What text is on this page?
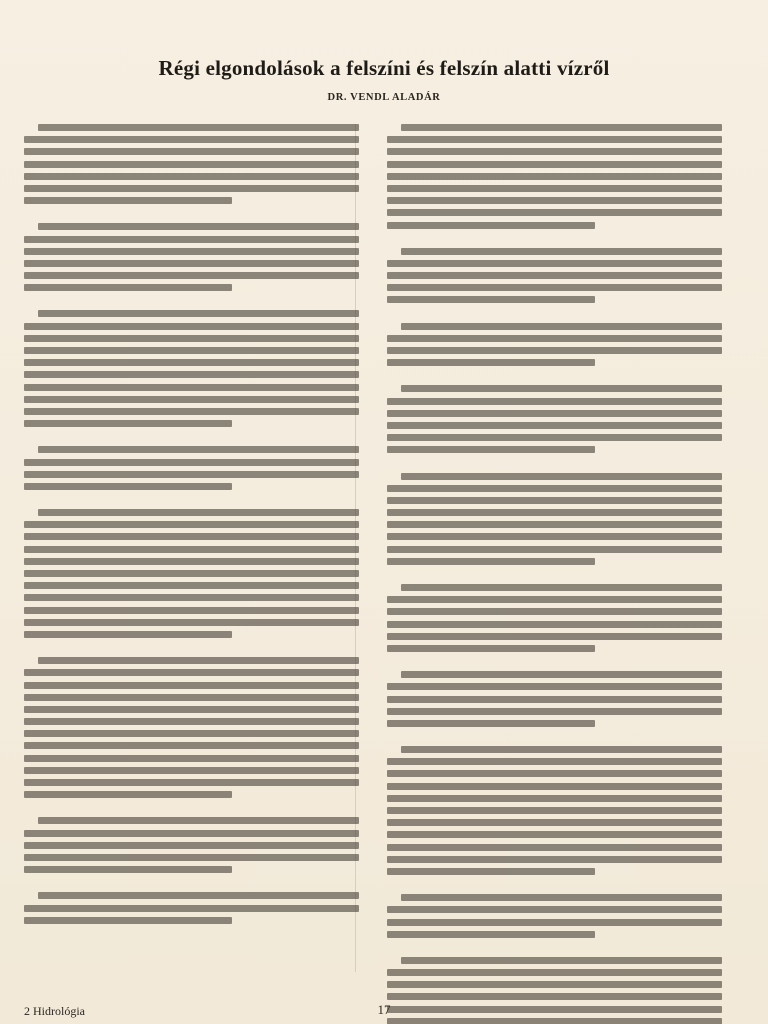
Régi elgondolások a felszíni és felszín alatti vízről
DR. VENDL ALADÁR
2 Hidrológia	17
